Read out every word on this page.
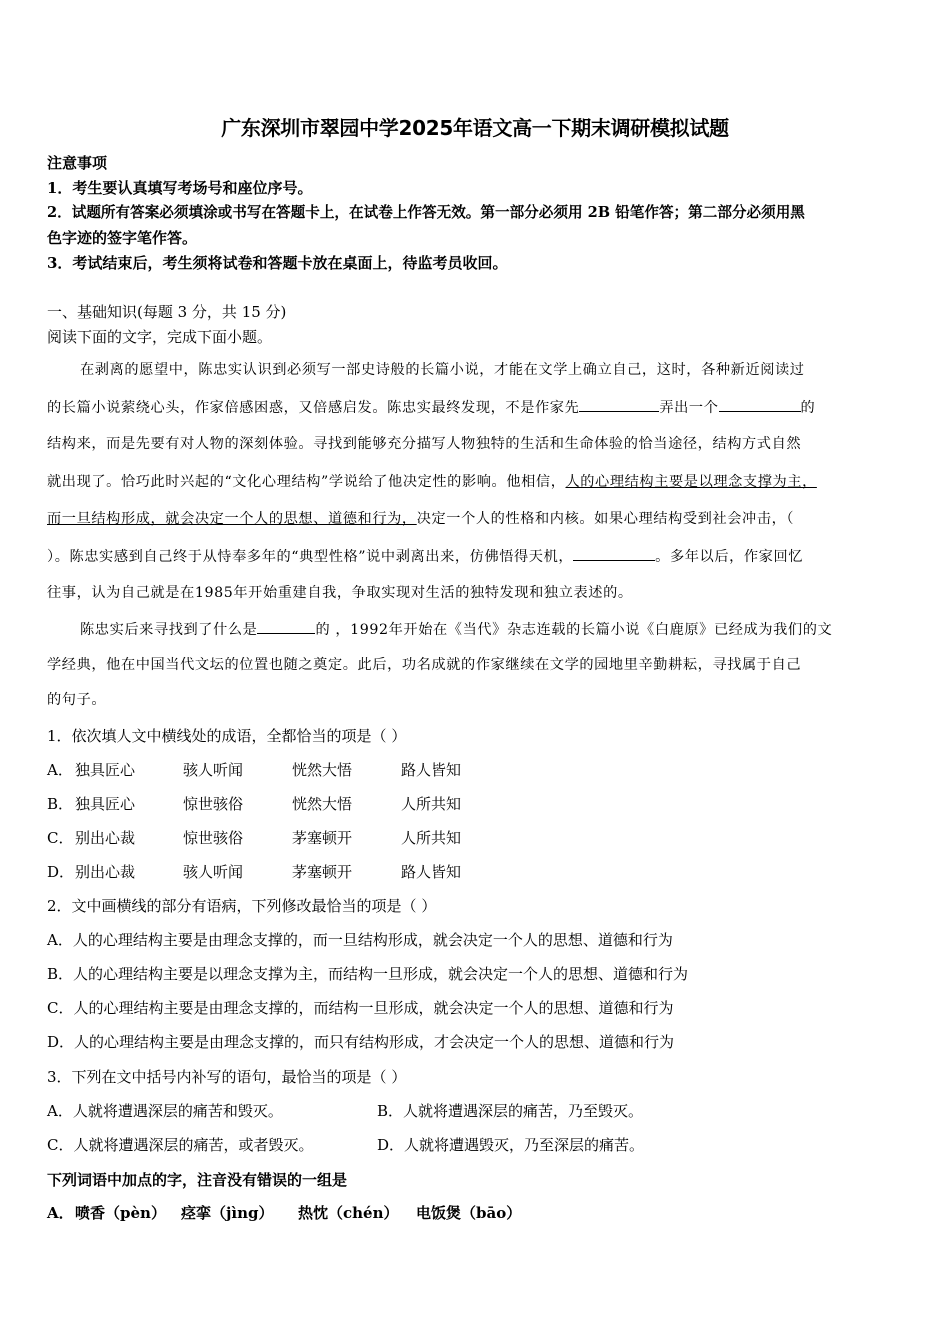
广东深圳市翠园中学2025年语文高一下期末调研模拟试题
注意事项
1．考生要认真填写考场号和座位序号。
2．试题所有答案必须填涂或书写在答题卡上，在试卷上作答无效。第一部分必须用 2B 铅笔作答；第二部分必须用黑
色字迹的签字笔作答。
3．考试结束后，考生须将试卷和答题卡放在桌面上，待监考员收回。
一、基础知识(每题 3 分，共 15 分)
阅读下面的文字，完成下面小题。
在剥离的愿望中，陈忠实认识到必须写一部史诗般的长篇小说，才能在文学上确立自己，这时，各种新近阅读过
的长篇小说萦绕心头，作家倍感困惑，又倍感启发。陈忠实最终发现，不是作家先	弄出一个	的
结构来，而是先要有对人物的深刻体验。寻找到能够充分描写人物独特的生活和生命体验的恰当途径，结构方式自然
就出现了。恰巧此时兴起的“文化心理结构”学说给了他决定性的影响。他相信，人的心理结构主要是以理念支撑为主，
而一旦结构形成，就会决定一个人的思想、道德和行为，决定一个人的性格和内核。如果心理结构受到社会冲击，（
）。陈忠实感到自己终于从恃奉多年的“典型性格”说中剥离出来，仿佛悟得天机，	。多年以后，作家回忆
往事，认为自己就是在1985年开始重建自我，争取实现对生活的独特发现和独立表述的。
陈忠实后来寻找到了什么是	的 ，1992年开始在《当代》杂志连载的长篇小说《白鹿原》已经成为我们的文
学经典，他在中国当代文坛的位置也随之奠定。此后，功名成就的作家继续在文学的园地里辛勤耕耘，寻找属于自己
的句子。
1．依次填人文中横线处的成语，全都恰当的项是（ ）
A． 独具匠心	骇人听闻	恍然大悟	路人皆知
B． 独具匠心	惊世骇俗	恍然大悟	人所共知
C． 别出心裁	惊世骇俗	茅塞顿开	人所共知
D．别出心裁	骇人听闻	茅塞顿开	路人皆知
2．文中画横线的部分有语病，下列修改最恰当的项是（ ）
A．人的心理结构主要是由理念支撑的，而一旦结构形成，就会决定一个人的思想、道德和行为
B．人的心理结构主要是以理念支撑为主，而结构一旦形成，就会决定一个人的思想、道德和行为
C．人的心理结构主要是由理念支撑的，而结构一旦形成，就会决定一个人的思想、道德和行为
D．人的心理结构主要是由理念支撑的，而只有结构形成，才会决定一个人的思想、道德和行为
3．下列在文中括号内补写的语句，最恰当的项是（ ）
A．人就将遭遇深层的痛苦和毁灭。	B．人就将遭遇深层的痛苦，乃至毁灭。
C．人就将遭遇深层的痛苦，或者毁灭。	D．人就将遭遇毁灭，乃至深层的痛苦。
下列词语中加点的字，注音没有错误的一组是
A．喷香（pèn） 痉挛（jìng） 热忱（chén） 电饭煲（bāo）
